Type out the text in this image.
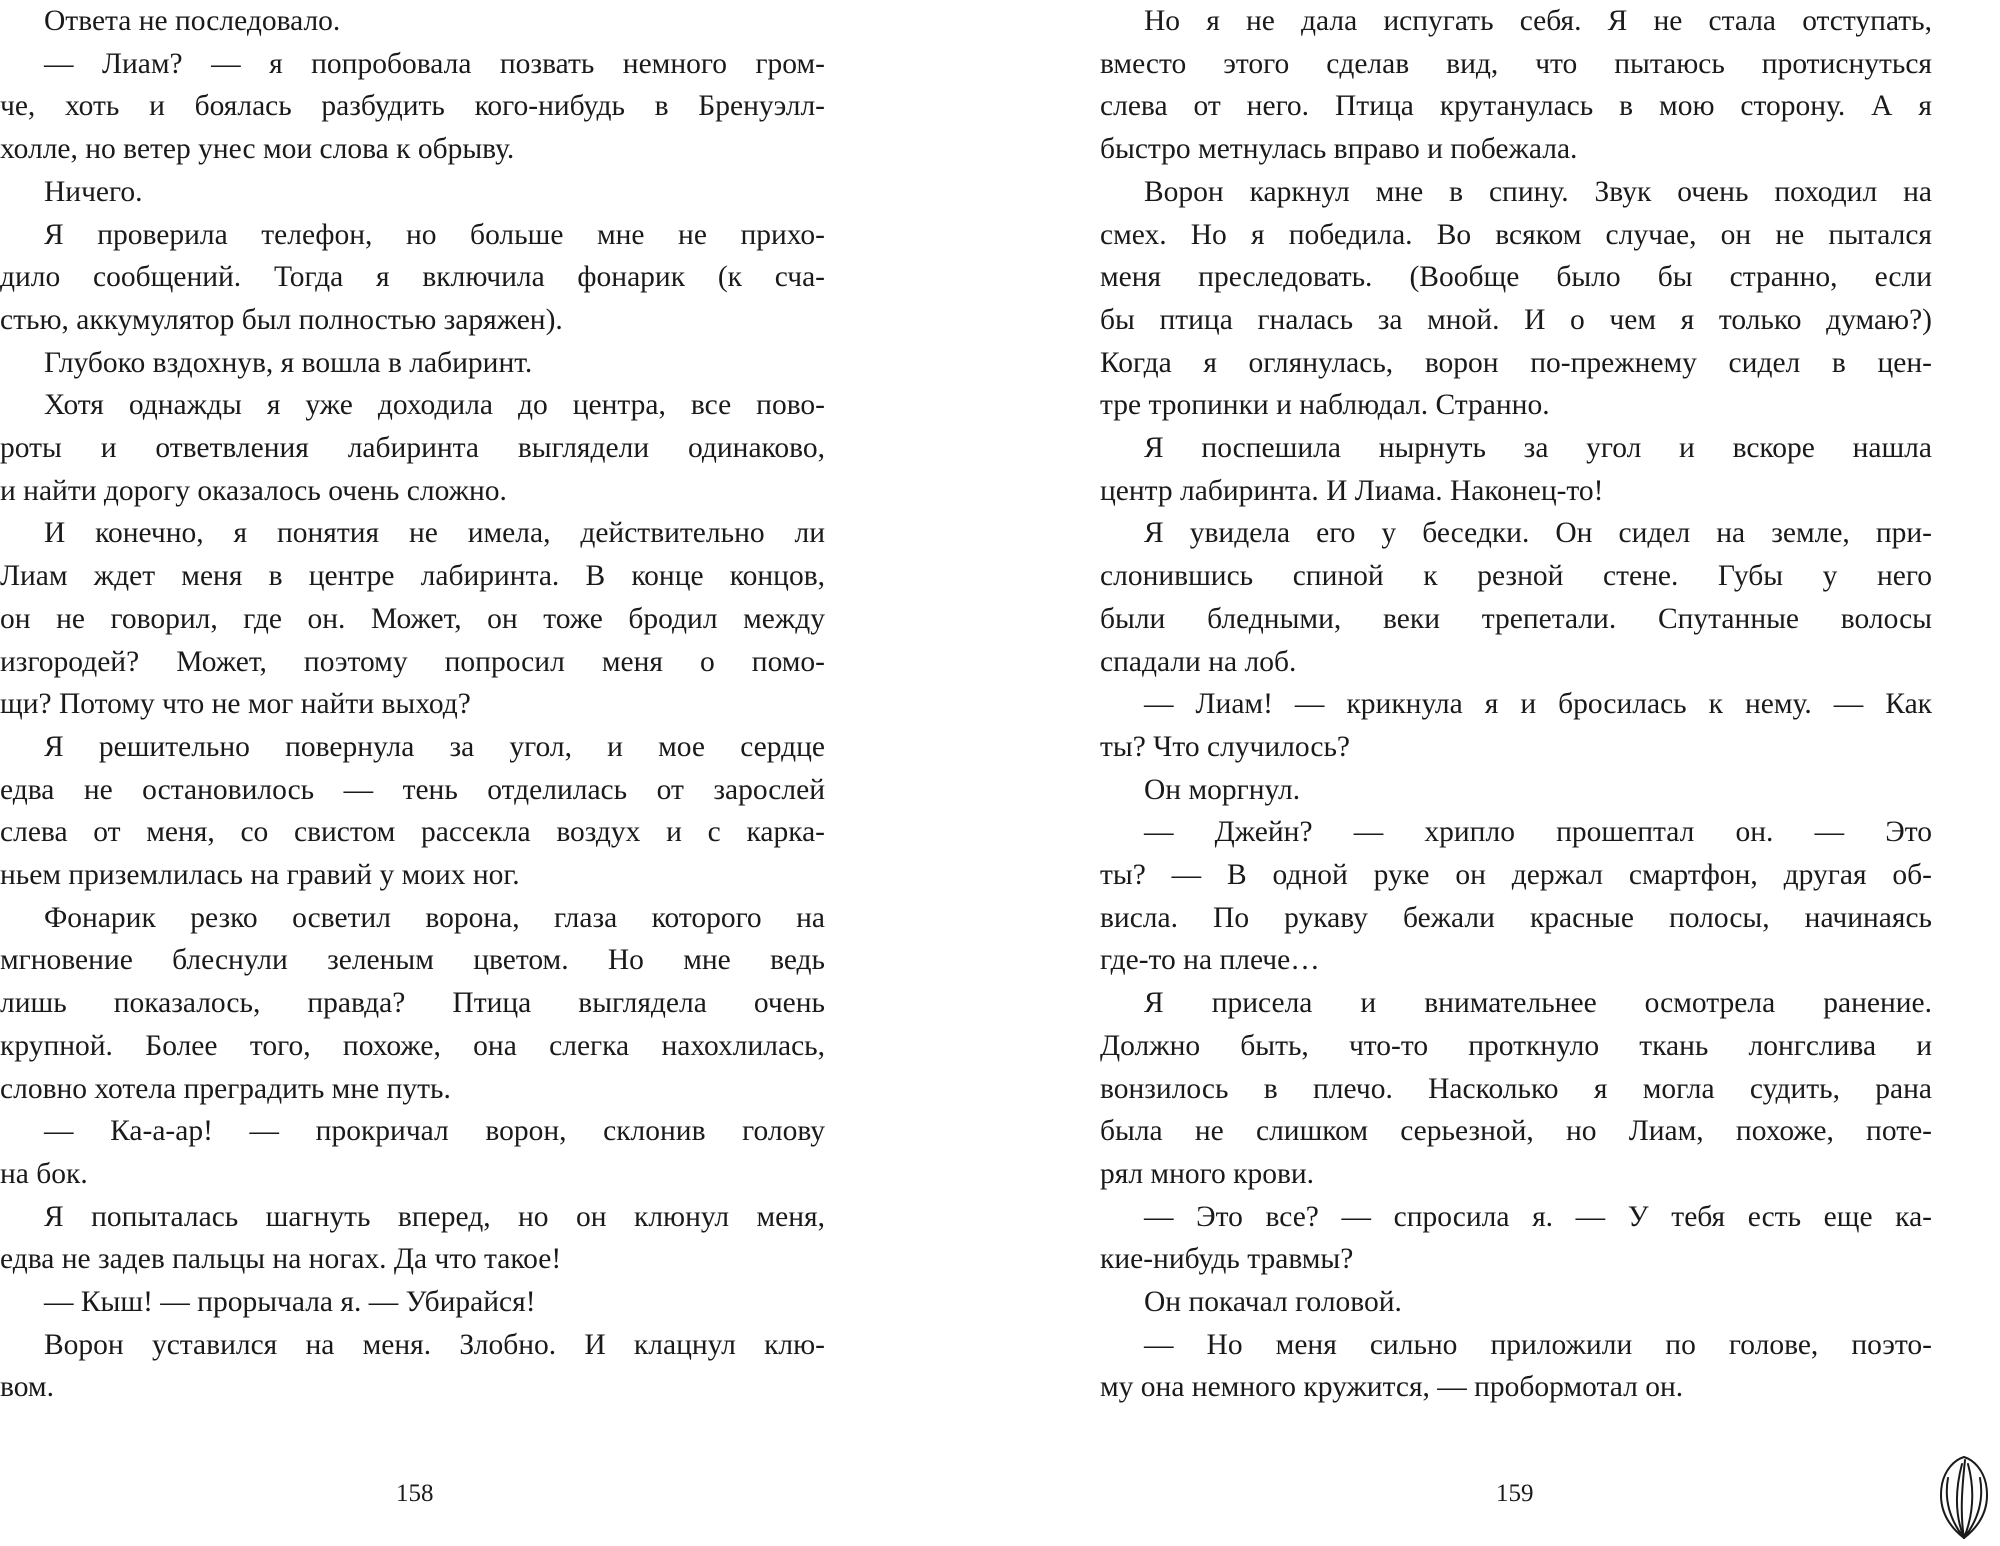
Ответа не последовало.
— Лиам? — я попробовала позвать немного гром-
че, хоть и боялась разбудить кого-нибудь в Бренуэлл-
холле, но ветер унес мои слова к обрыву.
Ничего.
Я проверила телефон, но больше мне не прихо-
дило сообщений. Тогда я включила фонарик (к сча-
стью, аккумулятор был полностью заряжен).
Глубоко вздохнув, я вошла в лабиринт.
Хотя однажды я уже доходила до центра, все пово-
роты и ответвления лабиринта выглядели одинаково,
и найти дорогу оказалось очень сложно.
И конечно, я понятия не имела, действительно ли
Лиам ждет меня в центре лабиринта. В конце концов,
он не говорил, где он. Может, он тоже бродил между
изгородей? Может, поэтому попросил меня о помо-
щи? Потому что не мог найти выход?
Я решительно повернула за угол, и мое сердце
едва не остановилось — тень отделилась от зарослей
слева от меня, со свистом рассекла воздух и с карка-
ньем приземлилась на гравий у моих ног.
Фонарик резко осветил ворона, глаза которого на
мгновение блеснули зеленым цветом. Но мне ведь
лишь показалось, правда? Птица выглядела очень
крупной. Более того, похоже, она слегка нахохлилась,
словно хотела преградить мне путь.
— Ка-а-ар! — прокричал ворон, склонив голову
на бок.
Я попыталась шагнуть вперед, но он клюнул меня,
едва не задев пальцы на ногах. Да что такое!
— Кыш! — прорычала я. — Убирайся!
Ворон уставился на меня. Злобно. И клацнул клю-
вом.
Но я не дала испугать себя. Я не стала отступать,
вместо этого сделав вид, что пытаюсь протиснуться
слева от него. Птица крутанулась в мою сторону. А я
быстро метнулась вправо и побежала.
Ворон каркнул мне в спину. Звук очень походил на
смех. Но я победила. Во всяком случае, он не пытался
меня преследовать. (Вообще было бы странно, если
бы птица гналась за мной. И о чем я только думаю?)
Когда я оглянулась, ворон по-прежнему сидел в цен-
тре тропинки и наблюдал. Странно.
Я поспешила нырнуть за угол и вскоре нашла
центр лабиринта. И Лиама. Наконец-то!
Я увидела его у беседки. Он сидел на земле, при-
слонившись спиной к резной стене. Губы у него
были бледными, веки трепетали. Спутанные волосы
спадали на лоб.
— Лиам! — крикнула я и бросилась к нему. — Как
ты? Что случилось?
Он моргнул.
— Джейн? — хрипло прошептал он. — Это
ты? — В одной руке он держал смартфон, другая об-
висла. По рукаву бежали красные полосы, начинаясь
где-то на плече…
Я присела и внимательнее осмотрела ранение.
Должно быть, что-то проткнуло ткань лонгслива и
вонзилось в плечо. Насколько я могла судить, рана
была не слишком серьезной, но Лиам, похоже, поте-
рял много крови.
— Это все? — спросила я. — У тебя есть еще ка-
кие-нибудь травмы?
Он покачал головой.
— Но меня сильно приложили по голове, поэто-
му она немного кружится, — пробормотал он.
158	159
